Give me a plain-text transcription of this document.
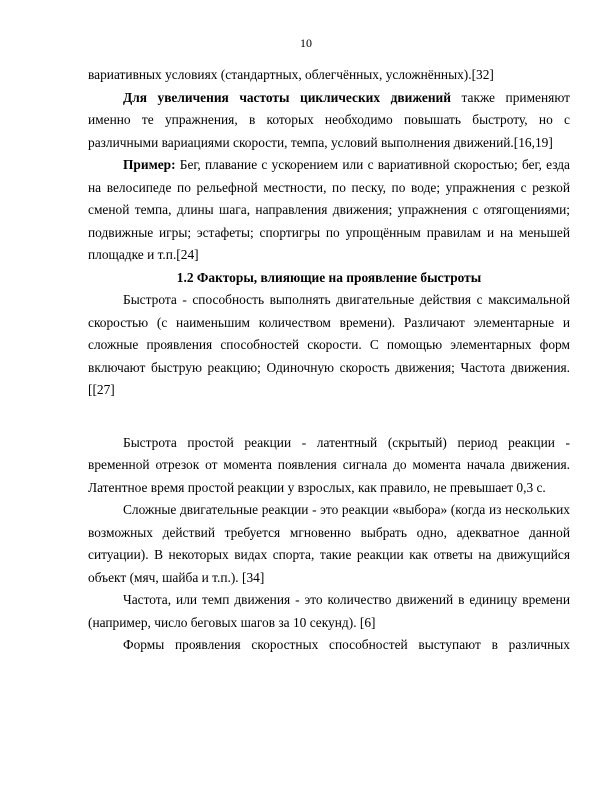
10

вариативных условиях (стандартных, облегчённых, усложнённых).[32]

Для увеличения частоты циклических движений также применяют именно те упражнения, в которых необходимо повышать быстроту, но с различными вариациями скорости, темпа, условий выполнения движений.[16,19]

Пример: Бег, плавание с ускорением или с вариативной скоростью; бег, езда на велосипеде по рельефной местности, по песку, по воде; упражнения с резкой сменой темпа, длины шага, направления движения; упражнения с отягощениями; подвижные игры; эстафеты; спортигры по упрощённым правилам и на меньшей площадке и т.п.[24]

1.2 Факторы, влияющие на проявление быстроты

Быстрота - способность выполнять двигательные действия с максимальной скоростью (с наименьшим количеством времени). Различают элементарные и сложные проявления способностей скорости. С помощью элементарных форм включают быструю реакцию; Одиночную скорость движения; Частота движения. [[27]

Быстрота простой реакции - латентный (скрытый) период реакции - временной отрезок от момента появления сигнала до момента начала движения. Латентное время простой реакции у взрослых, как правило, не превышает 0,3 с.

Сложные двигательные реакции - это реакции «выбора» (когда из нескольких возможных действий требуется мгновенно выбрать одно, адекватное данной ситуации). В некоторых видах спорта, такие реакции как ответы на движущийся объект (мяч, шайба и т.п.). [34]

Частота, или темп движения - это количество движений в единицу времени (например, число беговых шагов за 10 секунд). [6]

Формы проявления скоростных способностей выступают в различных
